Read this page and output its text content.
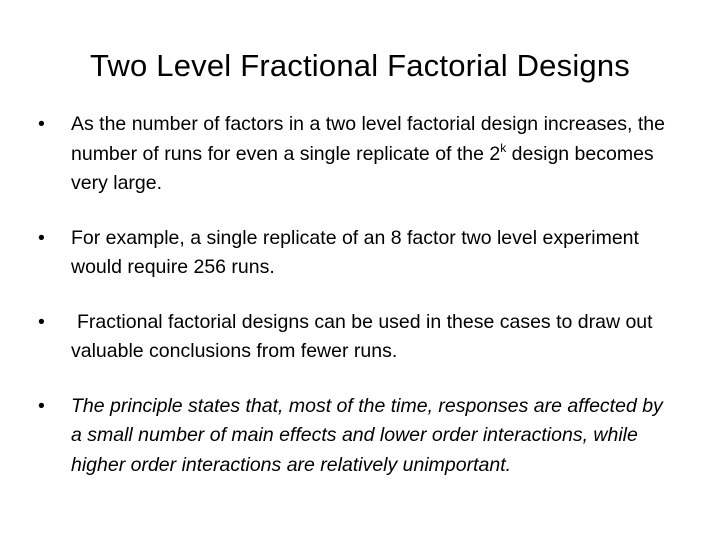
Two Level Fractional Factorial Designs
• As the number of factors in a two level factorial design increases, the number of runs for even a single replicate of the 2$^k$ design becomes very large.
• For example, a single replicate of an 8 factor two level experiment would require 256 runs.
• Fractional factorial designs can be used in these cases to draw out valuable conclusions from fewer runs.
• The principle states that, most of the time, responses are affected by a small number of main effects and lower order interactions, while higher order interactions are relatively unimportant.
